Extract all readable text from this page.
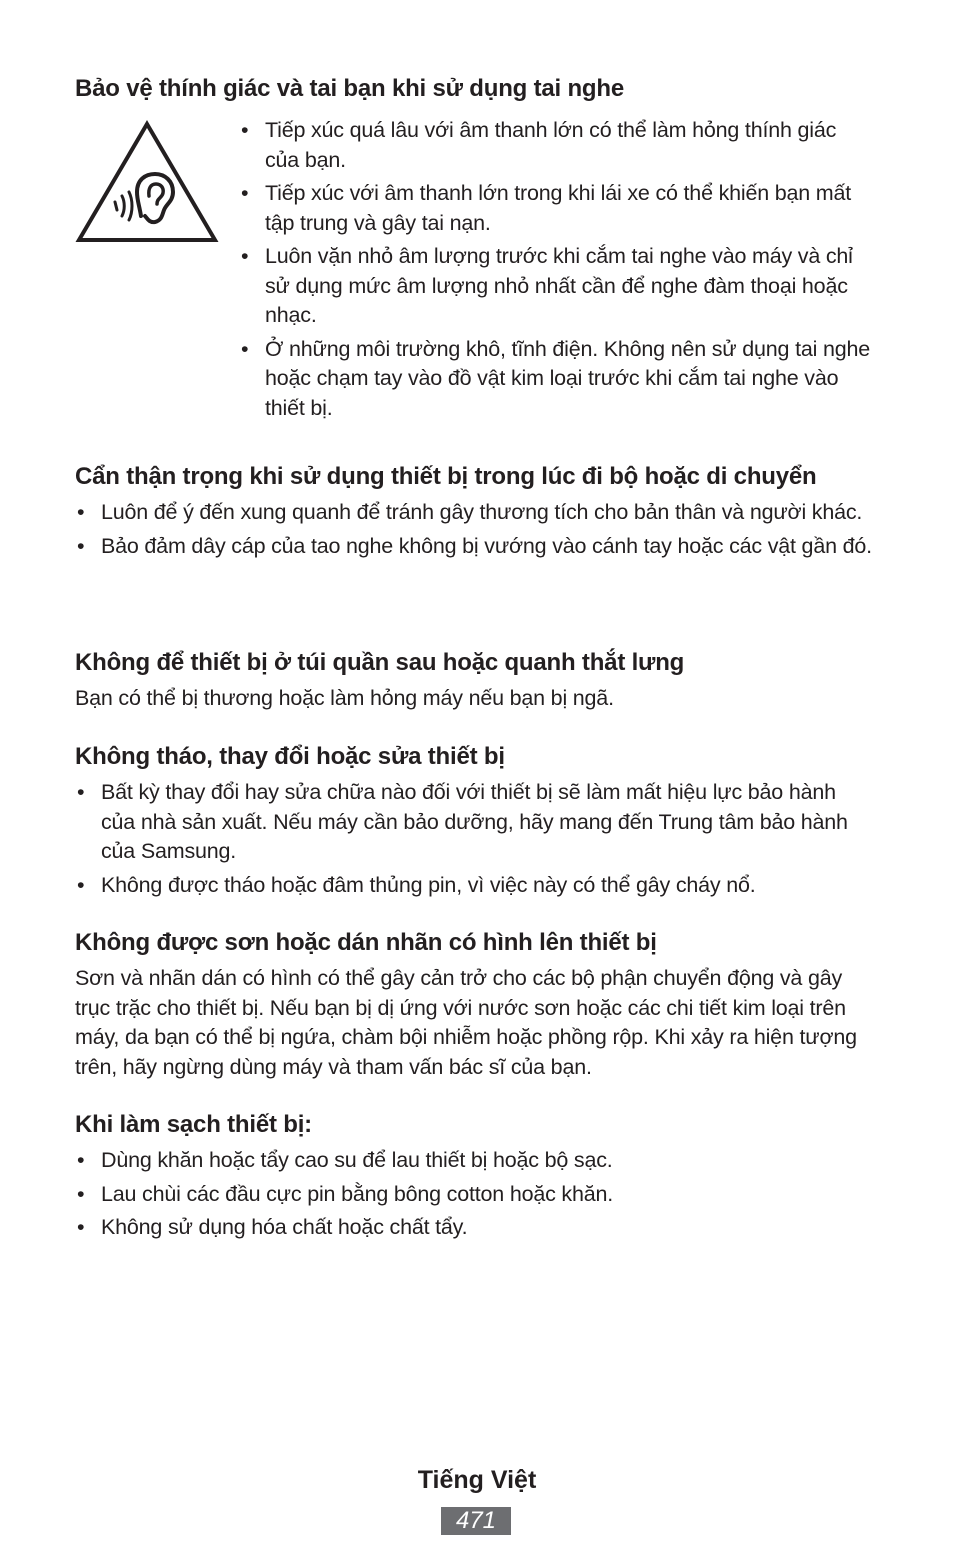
Bảo vệ thính giác và tai bạn khi sử dụng tai nghe
• Tiếp xúc quá lâu với âm thanh lớn có thể làm hỏng thính giác của bạn.
• Tiếp xúc với âm thanh lớn trong khi lái xe có thể khiến bạn mất tập trung và gây tai nạn.
• Luôn vặn nhỏ âm lượng trước khi cắm tai nghe vào máy và chỉ sử dụng mức âm lượng nhỏ nhất cần để nghe đàm thoại hoặc nhạc.
• Ở những môi trường khô, tĩnh điện. Không nên sử dụng tai nghe hoặc chạm tay vào đồ vật kim loại trước khi cắm tai nghe vào thiết bị.
Cẩn thận trọng khi sử dụng thiết bị trong lúc đi bộ hoặc di chuyển
• Luôn để ý đến xung quanh để tránh gây thương tích cho bản thân và người khác.
• Bảo đảm dây cáp của tao nghe không bị vướng vào cánh tay hoặc các vật gần đó.
Không để thiết bị ở túi quần sau hoặc quanh thắt lưng

Bạn có thể bị thương hoặc làm hỏng máy nếu bạn bị ngã.

Không tháo, thay đổi hoặc sửa thiết bị
• Bất kỳ thay đổi hay sửa chữa nào đối với thiết bị sẽ làm mất hiệu lực bảo hành của nhà sản xuất. Nếu máy cần bảo dưỡng, hãy mang đến Trung tâm bảo hành của Samsung.
• Không được tháo hoặc đâm thủng pin, vì việc này có thể gây cháy nổ.
Không được sơn hoặc dán nhãn có hình lên thiết bị

Sơn và nhãn dán có hình có thể gây cản trở cho các bộ phận chuyển động và gây trục trặc cho thiết bị. Nếu bạn bị dị ứng với nước sơn hoặc các chi tiết kim loại trên máy, da bạn có thể bị ngứa, chàm bội nhiễm hoặc phồng rộp. Khi xảy ra hiện tượng trên, hãy ngừng dùng máy và tham vấn bác sĩ của bạn.

Khi làm sạch thiết bị:
• Dùng khăn hoặc tẩy cao su để lau thiết bị hoặc bộ sạc.
• Lau chùi các đầu cực pin bằng bông cotton hoặc khăn.
• Không sử dụng hóa chất hoặc chất tẩy.
Tiếng Việt
471
